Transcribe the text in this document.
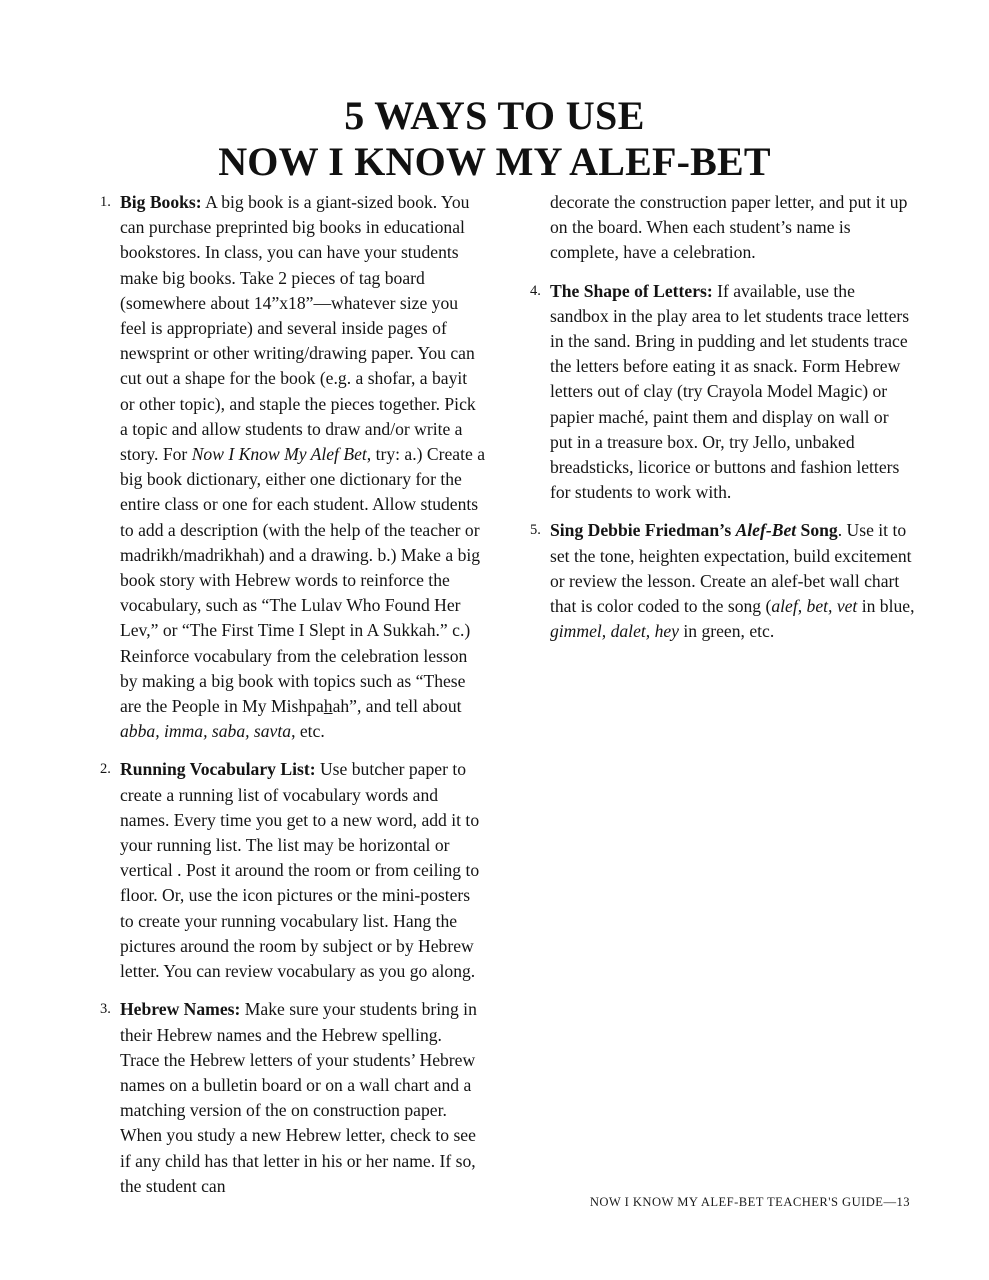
5 WAYS TO USE
NOW I KNOW MY ALEF-BET
1. Big Books: A big book is a giant-sized book. You can purchase preprinted big books in educational bookstores. In class, you can have your students make big books. Take 2 pieces of tag board (somewhere about 14”x18”—whatever size you feel is appropriate) and several inside pages of newsprint or other writing/drawing paper. You can cut out a shape for the book (e.g. a shofar, a bayit or other topic), and staple the pieces together. Pick a topic and allow students to draw and/or write a story. For Now I Know My Alef Bet, try: a.) Create a big book dictionary, either one dictionary for the entire class or one for each student. Allow students to add a description (with the help of the teacher or madrikh/madrikhah) and a drawing. b.) Make a big book story with Hebrew words to reinforce the vocabulary, such as “The Lulav Who Found Her Lev,” or “The First Time I Slept in A Sukkah.” c.) Reinforce vocabulary from the celebration lesson by making a big book with topics such as “These are the People in My Mishpahah”, and tell about abba, imma, saba, savta, etc.
2. Running Vocabulary List: Use butcher paper to create a running list of vocabulary words and names. Every time you get to a new word, add it to your running list. The list may be horizontal or vertical . Post it around the room or from ceiling to floor. Or, use the icon pictures or the mini-posters to create your running vocabulary list. Hang the pictures around the room by subject or by Hebrew letter. You can review vocabulary as you go along.
3. Hebrew Names: Make sure your students bring in their Hebrew names and the Hebrew spelling. Trace the Hebrew letters of your students’ Hebrew names on a bulletin board or on a wall chart and a matching version of the on construction paper. When you study a new Hebrew letter, check to see if any child has that letter in his or her name. If so, the student can

decorate the construction paper letter, and put it up on the board. When each student’s name is complete, have a celebration.

4. The Shape of Letters: If available, use the sandbox in the play area to let students trace letters in the sand. Bring in pudding and let students trace the letters before eating it as snack. Form Hebrew letters out of clay (try Crayola Model Magic) or papier maché, paint them and display on wall or put in a treasure box. Or, try Jello, unbaked breadsticks, licorice or buttons and fashion letters for students to work with.
5. Sing Debbie Friedman’s Alef-Bet Song. Use it to set the tone, heighten expectation, build excitement or review the lesson. Create an alef-bet wall chart that is color coded to the song (alef, bet, vet in blue, gimmel, dalet, hey in green, etc.
NOW I KNOW MY ALEF-BET TEACHER'S GUIDE—13
